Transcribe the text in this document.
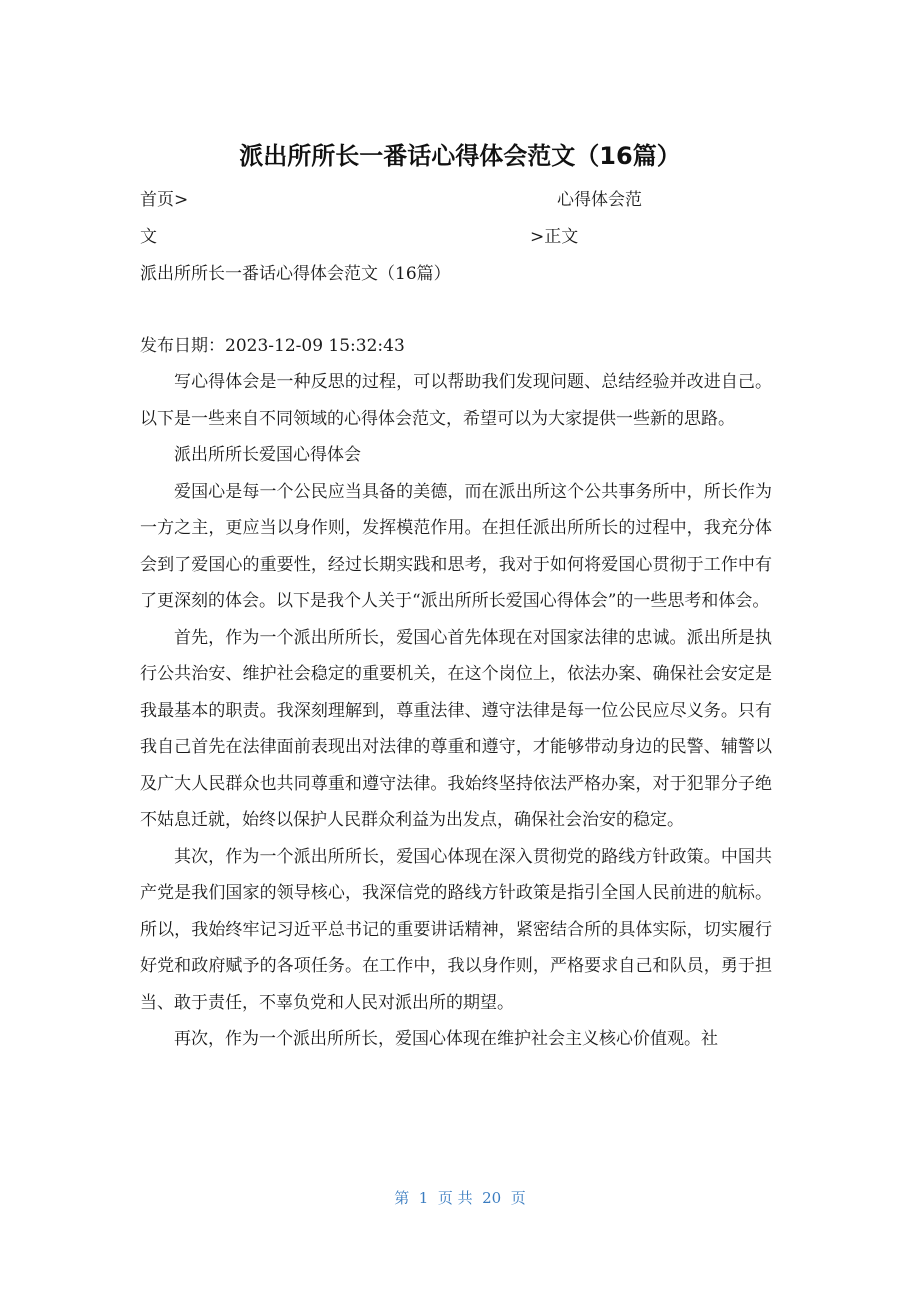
派出所所长一番话心得体会范文（16篇）
首页>	心得体会范
文	>正文
派出所所长一番话心得体会范文（16篇）
发布日期：2023-12-09 15:32:43

写心得体会是一种反思的过程，可以帮助我们发现问题、总结经验并改进自己。以下是一些来自不同领域的心得体会范文，希望可以为大家提供一些新的思路。

派出所所长爱国心得体会

爱国心是每一个公民应当具备的美德，而在派出所这个公共事务所中，所长作为一方之主，更应当以身作则，发挥模范作用。在担任派出所所长的过程中，我充分体会到了爱国心的重要性，经过长期实践和思考，我对于如何将爱国心贯彻于工作中有了更深刻的体会。以下是我个人关于“派出所所长爱国心得体会”的一些思考和体会。

首先，作为一个派出所所长，爱国心首先体现在对国家法律的忠诚。派出所是执行公共治安、维护社会稳定的重要机关，在这个岗位上，依法办案、确保社会安定是我最基本的职责。我深刻理解到，尊重法律、遵守法律是每一位公民应尽义务。只有我自己首先在法律面前表现出对法律的尊重和遵守，才能够带动身边的民警、辅警以及广大人民群众也共同尊重和遵守法律。我始终坚持依法严格办案，对于犯罪分子绝不姑息迁就，始终以保护人民群众利益为出发点，确保社会治安的稳定。

其次，作为一个派出所所长，爱国心体现在深入贯彻党的路线方针政策。中国共产党是我们国家的领导核心，我深信党的路线方针政策是指引全国人民前进的航标。所以，我始终牢记习近平总书记的重要讲话精神，紧密结合所的具体实际，切实履行好党和政府赋予的各项任务。在工作中，我以身作则，严格要求自己和队员，勇于担当、敢于责任，不辜负党和人民对派出所的期望。

再次，作为一个派出所所长，爱国心体现在维护社会主义核心价值观。社

第  1  页 共  20  页
